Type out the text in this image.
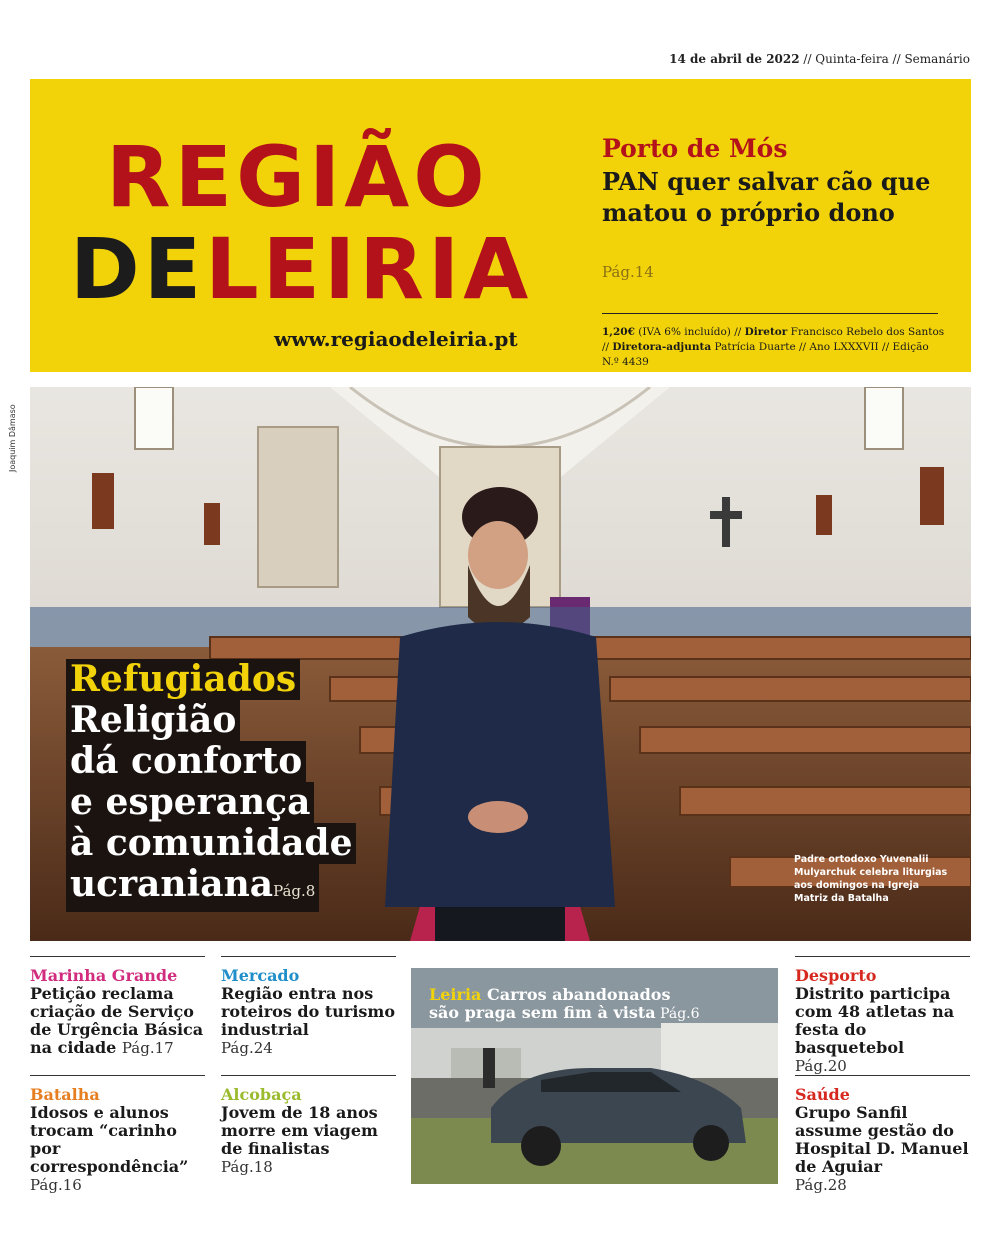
14 de abril de 2022 // Quinta-feira // Semanário
REGIÃO
DELEIRIA
www.regiaodeleiria.pt
Porto de Mós
PAN quer salvar cão que matou o próprio dono
Pág.14
1,20€ (IVA 6% incluído) // Diretor Francisco Rebelo dos Santos // Diretora-adjunta Patrícia Duarte // Ano LXXXVII // Edição N.º 4439
Joaquim Dâmaso
Refugiados
Religião
dá conforto
e esperança
à comunidade
ucranianaPág.8
Padre ortodoxo Yuvenalii Mulyarchuk celebra liturgias aos domingos na Igreja Matriz da Batalha
Marinha Grande
Petição reclama criação de Serviço de Urgência Básica na cidade Pág.17
Mercado
Região entra nos roteiros do turismo industrial
Pág.24
Batalha
Idosos e alunos trocam “carinho por correspondência”
Pág.16
Alcobaça
Jovem de 18 anos morre em viagem de finalistas
Pág.18
Leiria Carros abandonados
são praga sem fim à vista Pág.6
Desporto
Distrito participa com 48 atletas na festa do basquetebol
Pág.20
Saúde
Grupo Sanfil assume gestão do Hospital D. Manuel de Aguiar
Pág.28
